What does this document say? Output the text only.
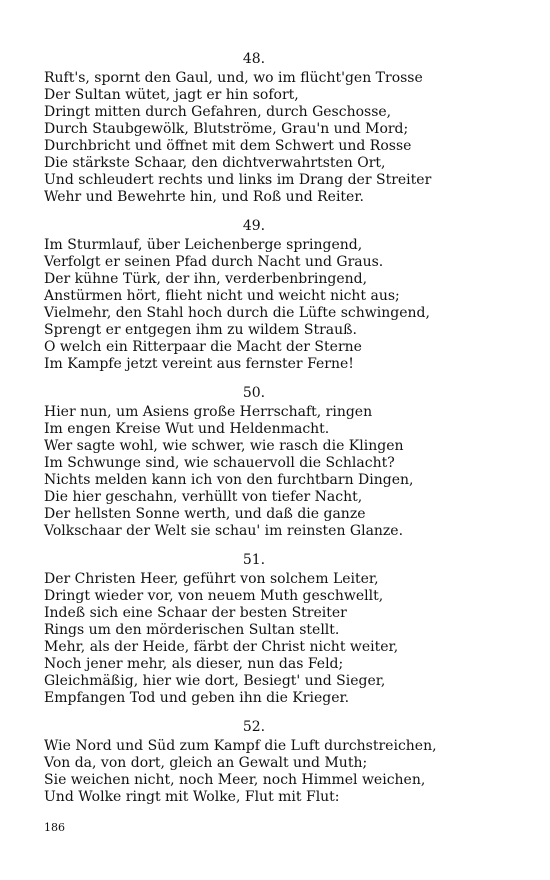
48.
Ruft's, spornt den Gaul, und, wo im flücht'gen Trosse
Der Sultan wütet, jagt er hin sofort,
Dringt mitten durch Gefahren, durch Geschosse,
Durch Staubgewölk, Blutströme, Grau'n und Mord;
Durchbricht und öffnet mit dem Schwert und Rosse
Die stärkste Schaar, den dichtverwahrtsten Ort,
Und schleudert rechts und links im Drang der Streiter
Wehr und Bewehrte hin, und Roß und Reiter.
49.
Im Sturmlauf, über Leichenberge springend,
Verfolgt er seinen Pfad durch Nacht und Graus.
Der kühne Türk, der ihn, verderbenbringend,
Anstürmen hört, flieht nicht und weicht nicht aus;
Vielmehr, den Stahl hoch durch die Lüfte schwingend,
Sprengt er entgegen ihm zu wildem Strauß.
O welch ein Ritterpaar die Macht der Sterne
Im Kampfe jetzt vereint aus fernster Ferne!
50.
Hier nun, um Asiens große Herrschaft, ringen
Im engen Kreise Wut und Heldenmacht.
Wer sagte wohl, wie schwer, wie rasch die Klingen
Im Schwunge sind, wie schauervoll die Schlacht?
Nichts melden kann ich von den furchtbarn Dingen,
Die hier geschahn, verhüllt von tiefer Nacht,
Der hellsten Sonne werth, und daß die ganze
Volkschaar der Welt sie schau' im reinsten Glanze.
51.
Der Christen Heer, geführt von solchem Leiter,
Dringt wieder vor, von neuem Muth geschwellt,
Indeß sich eine Schaar der besten Streiter
Rings um den mörderischen Sultan stellt.
Mehr, als der Heide, färbt der Christ nicht weiter,
Noch jener mehr, als dieser, nun das Feld;
Gleichmäßig, hier wie dort, Besiegt' und Sieger,
Empfangen Tod und geben ihn die Krieger.
52.
Wie Nord und Süd zum Kampf die Luft durchstreichen,
Von da, von dort, gleich an Gewalt und Muth;
Sie weichen nicht, noch Meer, noch Himmel weichen,
Und Wolke ringt mit Wolke, Flut mit Flut:
186
